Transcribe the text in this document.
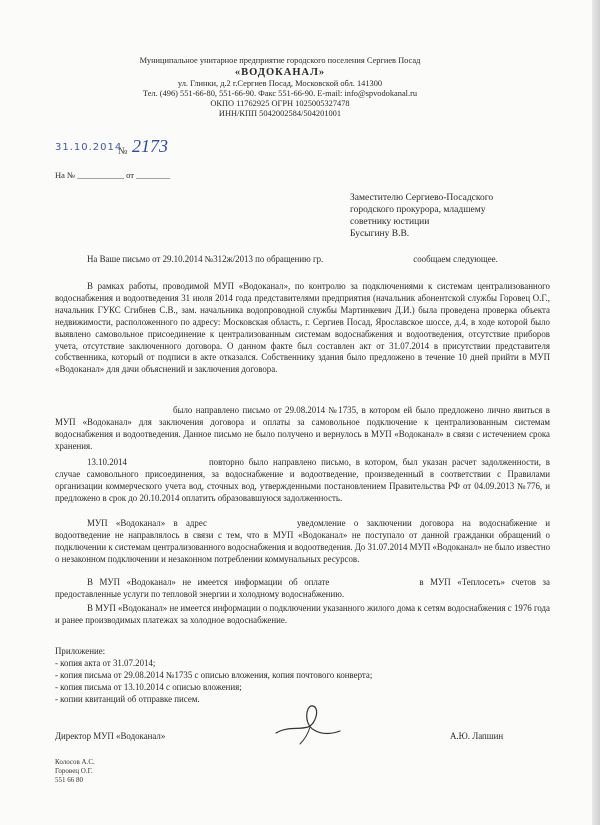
Муниципальное унитарное предприятие городского поселения Сергиев Посад
«ВОДОКАНАЛ»
ул. Глинки, д.2 г.Сергиев Посад, Московской обл. 141300
Тел. (496) 551-66-80, 551-66-90. Факс 551-66-90. E-mail: info@spvodokanal.ru
ОКПО 11762925 ОГРН 1025005327478
ИНН/КПП 5042002584/504201001
31.10.2014
№ 2173
На № ___________ от ________
Заместителю Сергиево-Посадского
городского прокурора, младшему
советнику юстиции
Бусыгину В.В.

На Ваше письмо от 29.10.2014 №312ж/2013 по обращению гр.	сообщаем следующее.

В рамках работы, проводимой МУП «Водоканал», по контролю за подключениями к системам централизованного водоснабжения и водоотведения 31 июля 2014 года представителями предприятия (начальник абонентской службы Горовец О.Г., начальник ГУКС Сгибнев С.В., зам. начальника водопроводной службы Мартинкевич Д.И.) была проведена проверка объекта недвижимости, расположенного по адресу: Московская область, г. Сергиев Посад, Ярославское шоссе, д.4, в ходе которой было выявлено самовольное присоединение к централизованным системам водоснабжения и водоотведения, отсутствие приборов учета, отсутствие заключенного договора. О данном факте был составлен акт от 31.07.2014 в присутствии представителя собственника, который от подписи в акте отказался. Собственнику здания было предложено в течение 10 дней прийти в МУП «Водоканал» для дачи объяснений и заключения договора.

было направлено письмо от 29.08.2014 №1735, в котором ей было предложено лично явиться в МУП «Водоканал» для заключения договора и оплаты за самовольное подключение к централизованным системам водоснабжения и водоотведения. Данное письмо не было получено и вернулось в МУП «Водоканал» в связи с истечением срока хранения.

13.10.2014	повторно было направлено письмо, в котором, был указан расчет задолженности, в случае самовольного присоединения, за водоснабжение и водоотведение, произведенный в соответствии с Правилами организации коммерческого учета вод, сточных вод, утвержденными постановлением Правительства РФ от 04.09.2013 №776, и предложено в срок до 20.10.2014 оплатить образовавшуюся задолженность.

МУП «Водоканал» в адрес	уведомление о заключении договора на водоснабжение и водоотведение не направлялось в связи с тем, что в МУП «Водоканал» не поступало от данной гражданки обращений о подключении к системам централизованного водоснабжения и водоотведения. До 31.07.2014 МУП «Водоканал» не было известно о незаконном подключении и незаконном потреблении коммунальных ресурсов.

В МУП «Водоканал» не имеется информации об оплате	в МУП «Теплосеть» счетов за предоставленные услуги по тепловой энергии и холодному водоснабжению.

В МУП «Водоканал» не имеется информации о подключении указанного жилого дома к сетям водоснабжения с 1976 года и ранее производимых платежах за холодное водоснабжение.

Приложение:
- копия акта от 31.07.2014;
- копия письма от 29.08.2014 №1735 с описью вложения, копия почтового конверта;
- копия письма от 13.10.2014 с описью вложения;
- копии квитанций об отправке писем.
Директор МУП «Водоканал»	А.Ю. Лапшин
Колосов А.С.
Горовец О.Г.
551 66 80
